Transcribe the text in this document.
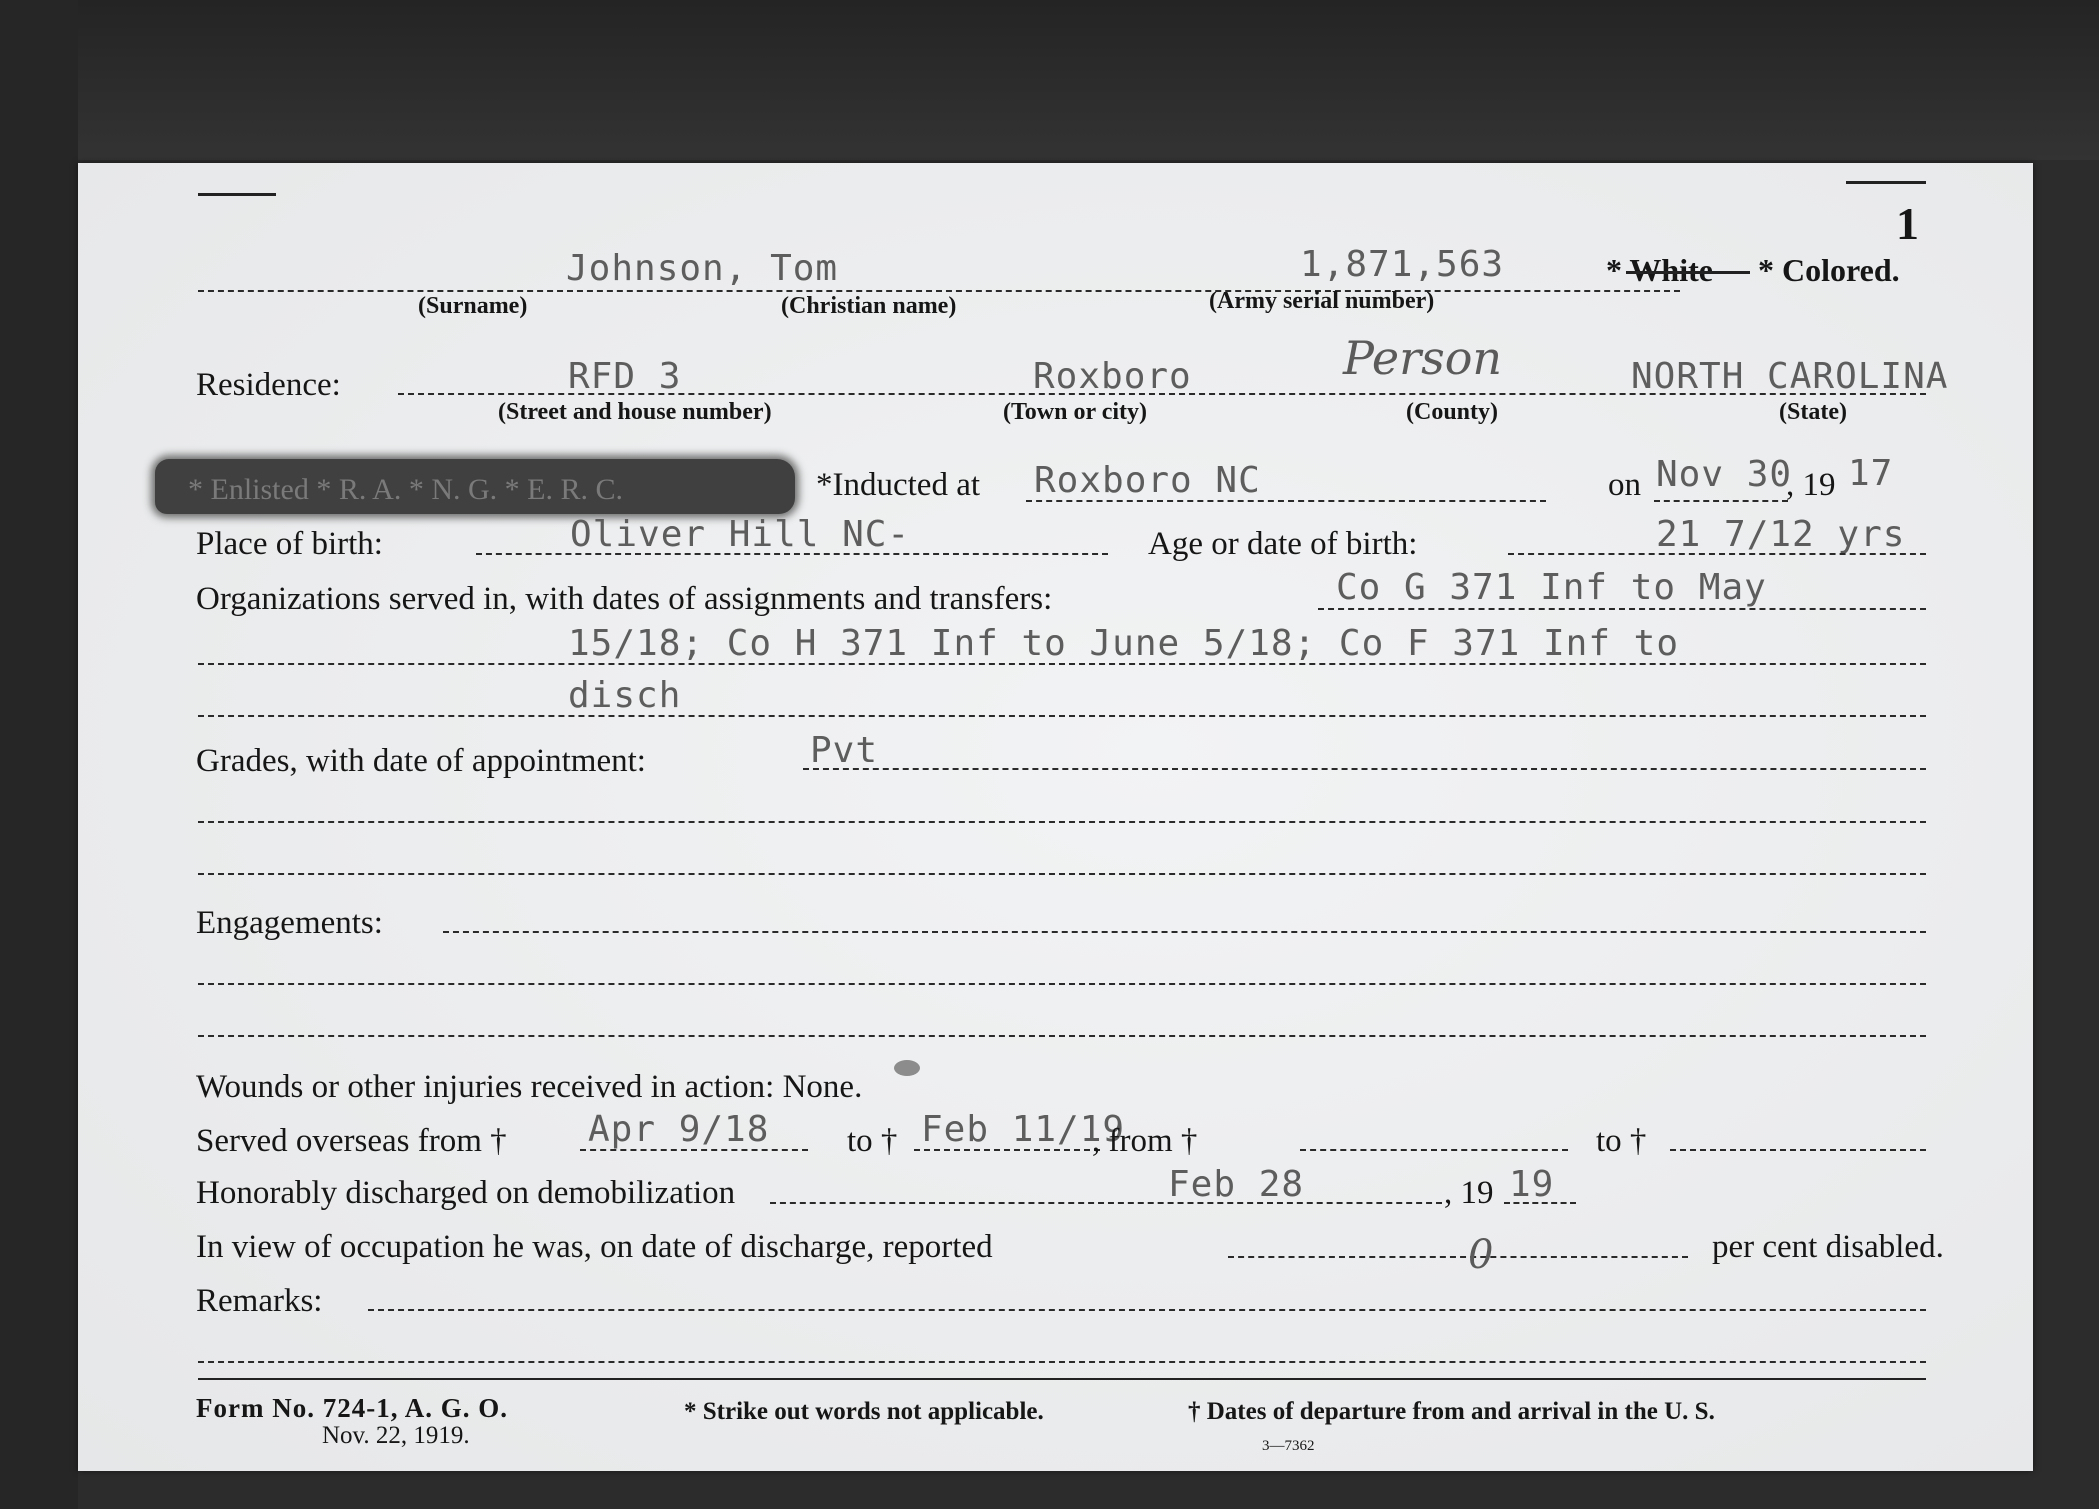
1
Johnson, Tom	1,871,563	* White * Colored.
(Surname)	(Christian name)	(Army serial number)
Residence:	RFD 3	Roxboro	Person	NORTH CAROLINA
(Street and house number)	(Town or city)	(County)	(State)
* Enlisted * R. A. * N. G. * E. R. C.	*Inducted at Roxboro NC	on Nov 30
, 19 17
Place of birth:	Oliver Hill NC-	Age or date of birth:	21 7/12 yrs
Organizations served in, with dates of assignments and transfers:	Co G 371 Inf to May
15/18; Co H 371 Inf to June 5/18; Co F 371 Inf to
disch
Grades, with date of appointment:	Pvt
Engagements:
Wounds or other injuries received in action: None.
Served overseas from † Apr 9/18 to † Feb 11/19
, from †	to †
Honorably discharged on demobilization	Feb 28	, 19 19
In view of occupation he was, on date of discharge, reported	0	per cent disabled.
Remarks:
Form No. 724-1, A. G. O.
Nov. 22, 1919.
* Strike out words not applicable.	† Dates of departure from and arrival in the U. S.
3—7362
